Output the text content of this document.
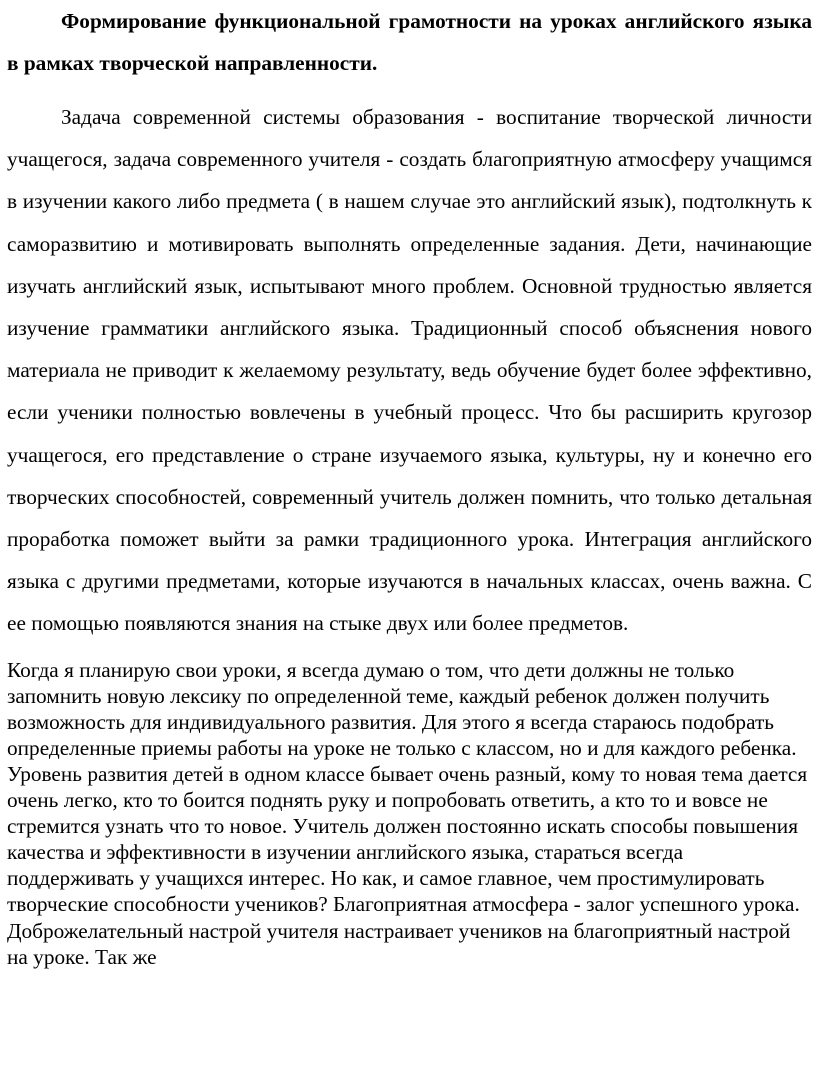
Формирование функциональной грамотности на уроках английского языка в рамках творческой направленности.

Задача современной системы образования - воспитание творческой личности учащегося, задача современного учителя - создать благоприятную атмосферу учащимся в изучении какого либо предмета ( в нашем случае это английский язык), подтолкнуть к саморазвитию и мотивировать выполнять определенные задания. Дети, начинающие изучать английский язык, испытывают много проблем. Основной трудностью является изучение грамматики английского языка. Традиционный способ объяснения нового материала не приводит к желаемому результату, ведь обучение будет более эффективно, если ученики полностью вовлечены в учебный процесс. Что бы расширить кругозор учащегося, его представление о стране изучаемого языка, культуры, ну и конечно его творческих способностей, современный учитель должен помнить, что только детальная проработка поможет выйти за рамки традиционного урока. Интеграция английского языка с другими предметами, которые изучаются в начальных классах, очень важна. С ее помощью появляются знания на стыке двух или более предметов.

Когда я планирую свои уроки, я всегда думаю о том, что дети должны не только запомнить новую лексику по определенной теме, каждый ребенок должен получить возможность для индивидуального развития. Для этого я всегда стараюсь подобрать определенные приемы работы на уроке не только с классом, но и для каждого ребенка. Уровень развития детей в одном классе бывает очень разный, кому то новая тема дается очень легко, кто то боится поднять руку и попробовать ответить, а кто то и вовсе не стремится узнать что то новое. Учитель должен постоянно искать способы повышения качества и эффективности в изучении английского языка, стараться всегда поддерживать у учащихся интерес. Но как, и самое главное, чем простимулировать творческие способности учеников? Благоприятная атмосфера - залог успешного урока. Доброжелательный настрой учителя настраивает учеников на благоприятный настрой на уроке. Так же
